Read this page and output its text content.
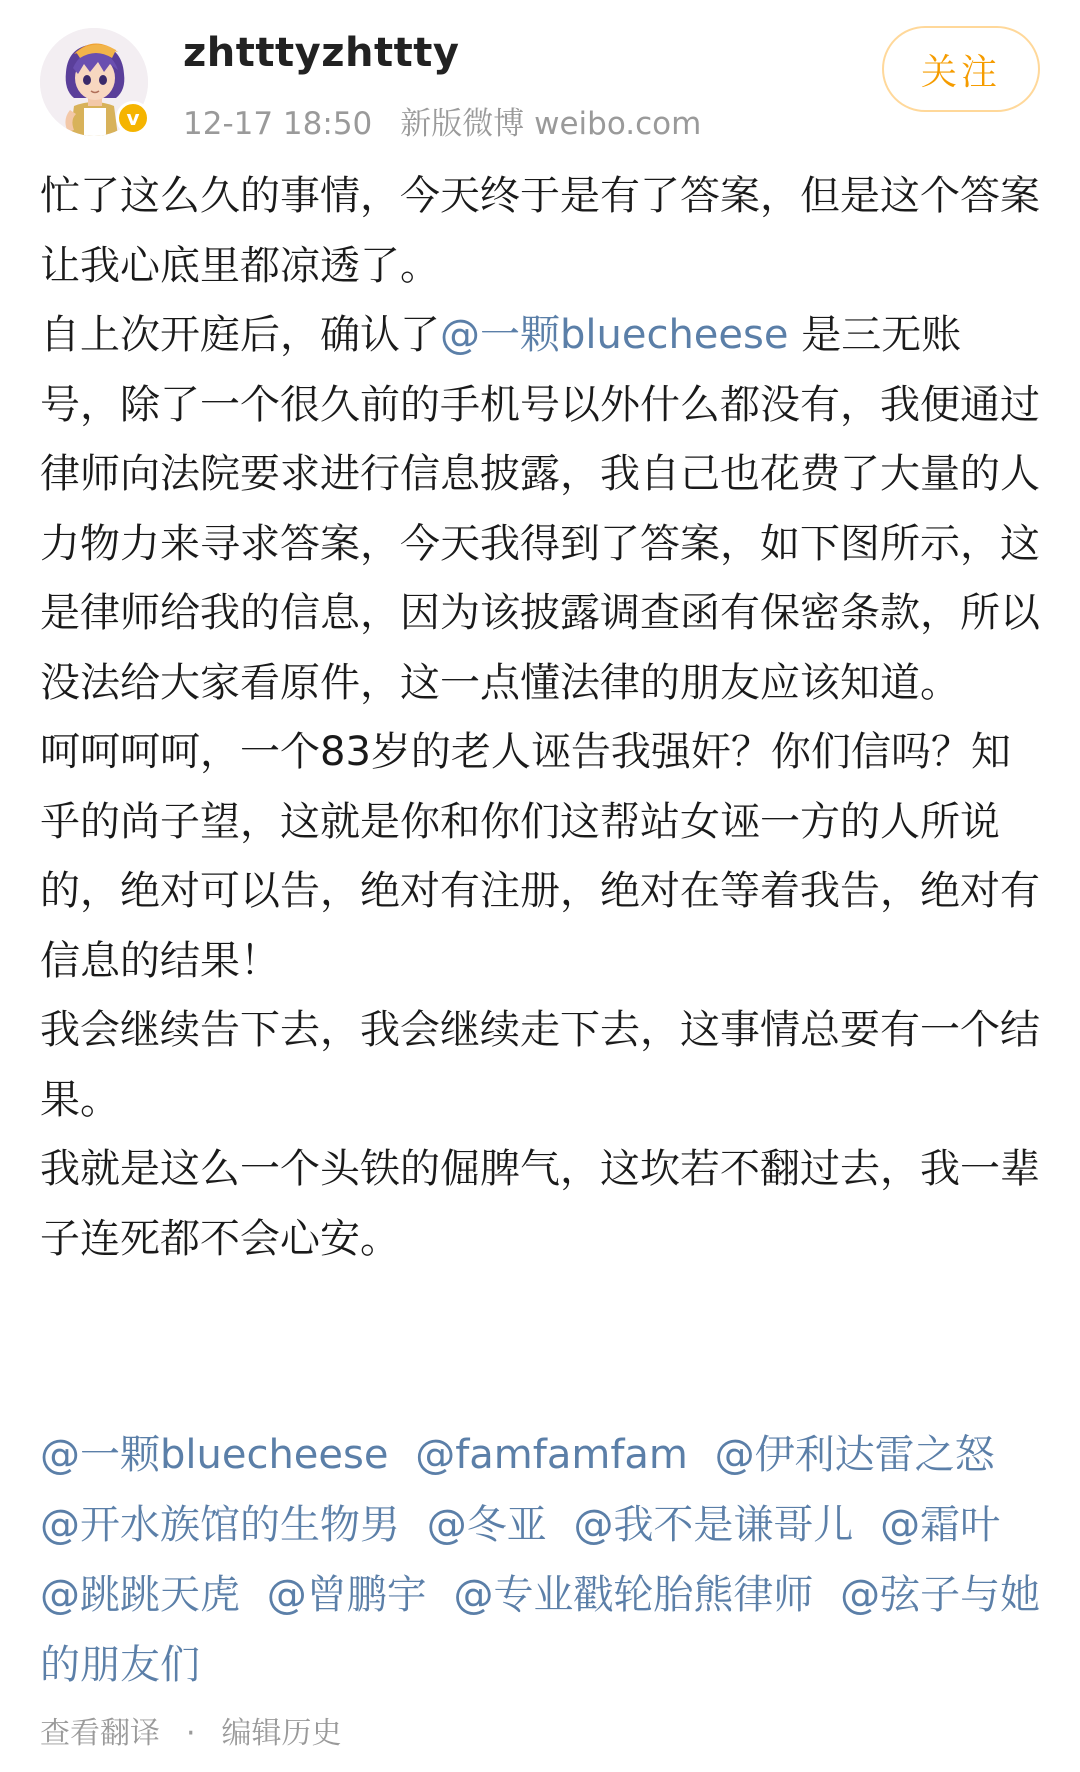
v
zhtttyzhttty
12-17 18:50 新版微博 weibo.com
关注

忙了这么久的事情，今天终于是有了答案，但是这个答案让我心底里都凉透了。

自上次开庭后，确认了@一颗bluecheese 是三无账号，除了一个很久前的手机号以外什么都没有，我便通过律师向法院要求进行信息披露，我自己也花费了大量的人力物力来寻求答案，今天我得到了答案，如下图所示，这是律师给我的信息，因为该披露调查函有保密条款，所以没法给大家看原件，这一点懂法律的朋友应该知道。

呵呵呵呵，一个83岁的老人诬告我强奸？你们信吗？知乎的尚子望，这就是你和你们这帮站女诬一方的人所说的，绝对可以告，绝对有注册，绝对在等着我告，绝对有信息的结果！

我会继续告下去，我会继续走下去，这事情总要有一个结果。

我就是这么一个头铁的倔脾气，这坎若不翻过去，我一辈子连死都不会心安。

@一颗bluecheese @famfamfam @伊利达雷之怒 @开水族馆的生物男 @冬亚 @我不是谦哥儿 @霜叶 @跳跳天虎 @曾鹏宇 @专业戳轮胎熊律师 @弦子与她的朋友们
查看翻译 · 编辑历史
